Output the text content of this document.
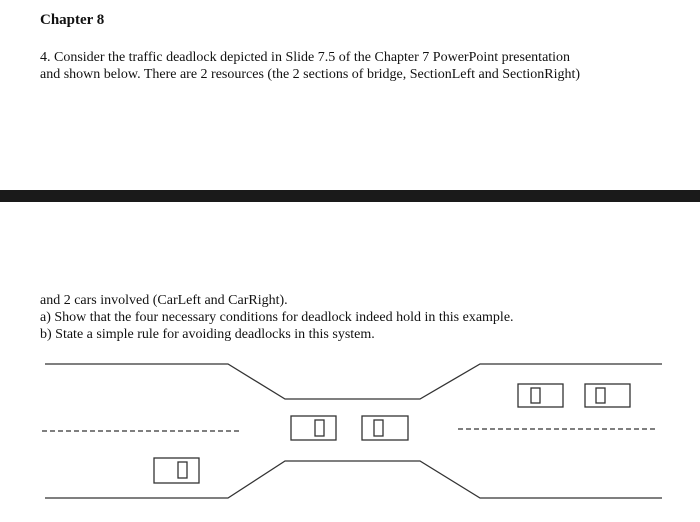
Chapter 8
4. Consider the traffic deadlock depicted in Slide 7.5 of the Chapter 7 PowerPoint presentation
and shown below. There are 2 resources (the 2 sections of bridge, SectionLeft and SectionRight)
and 2 cars involved (CarLeft and CarRight).
a) Show that the four necessary conditions for deadlock indeed hold in this example.
b) State a simple rule for avoiding deadlocks in this system.
